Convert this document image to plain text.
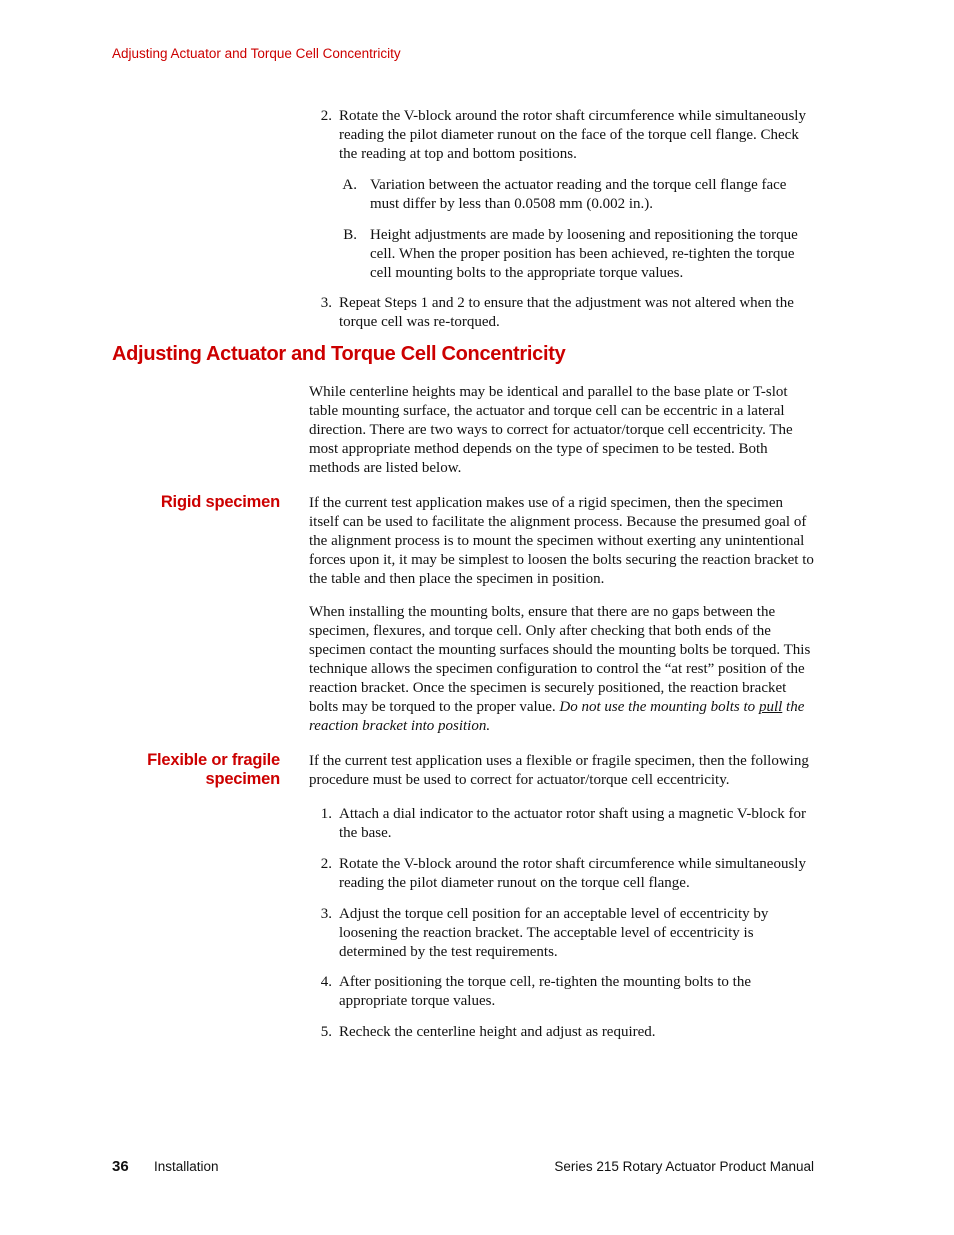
Adjusting Actuator and Torque Cell Concentricity
2. Rotate the V-block around the rotor shaft circumference while simultaneously reading the pilot diameter runout on the face of the torque cell flange. Check the reading at top and bottom positions.

A. Variation between the actuator reading and the torque cell flange face must differ by less than 0.0508 mm (0.002 in.).

B. Height adjustments are made by loosening and repositioning the torque cell. When the proper position has been achieved, re-tighten the torque cell mounting bolts to the appropriate torque values.

3. Repeat Steps 1 and 2 to ensure that the adjustment was not altered when the torque cell was re-torqued.

Adjusting Actuator and Torque Cell Concentricity

While centerline heights may be identical and parallel to the base plate or T-slot table mounting surface, the actuator and torque cell can be eccentric in a lateral direction. There are two ways to correct for actuator/torque cell eccentricity. The most appropriate method depends on the type of specimen to be tested. Both methods are listed below.

Rigid specimen If the current test application makes use of a rigid specimen, then the specimen itself can be used to facilitate the alignment process. Because the presumed goal of the alignment process is to mount the specimen without exerting any unintentional forces upon it, it may be simplest to loosen the bolts securing the reaction bracket to the table and then place the specimen in position.

When installing the mounting bolts, ensure that there are no gaps between the specimen, flexures, and torque cell. Only after checking that both ends of the specimen contact the mounting surfaces should the mounting bolts be torqued. This technique allows the specimen configuration to control the “at rest” position of the reaction bracket. Once the specimen is securely positioned, the reaction bracket bolts may be torqued to the proper value. Do not use the mounting bolts to pull the reaction bracket into position.

Flexible or fragile
specimen

If the current test application uses a flexible or fragile specimen, then the following procedure must be used to correct for actuator/torque cell eccentricity.

1. Attach a dial indicator to the actuator rotor shaft using a magnetic V-block for the base.

2. Rotate the V-block around the rotor shaft circumference while simultaneously reading the pilot diameter runout on the torque cell flange.

3. Adjust the torque cell position for an acceptable level of eccentricity by loosening the reaction bracket. The acceptable level of eccentricity is determined by the test requirements.

4. After positioning the torque cell, re-tighten the mounting bolts to the appropriate torque values.

5. Recheck the centerline height and adjust as required.

36 Installation	Series 215 Rotary Actuator Product Manual
